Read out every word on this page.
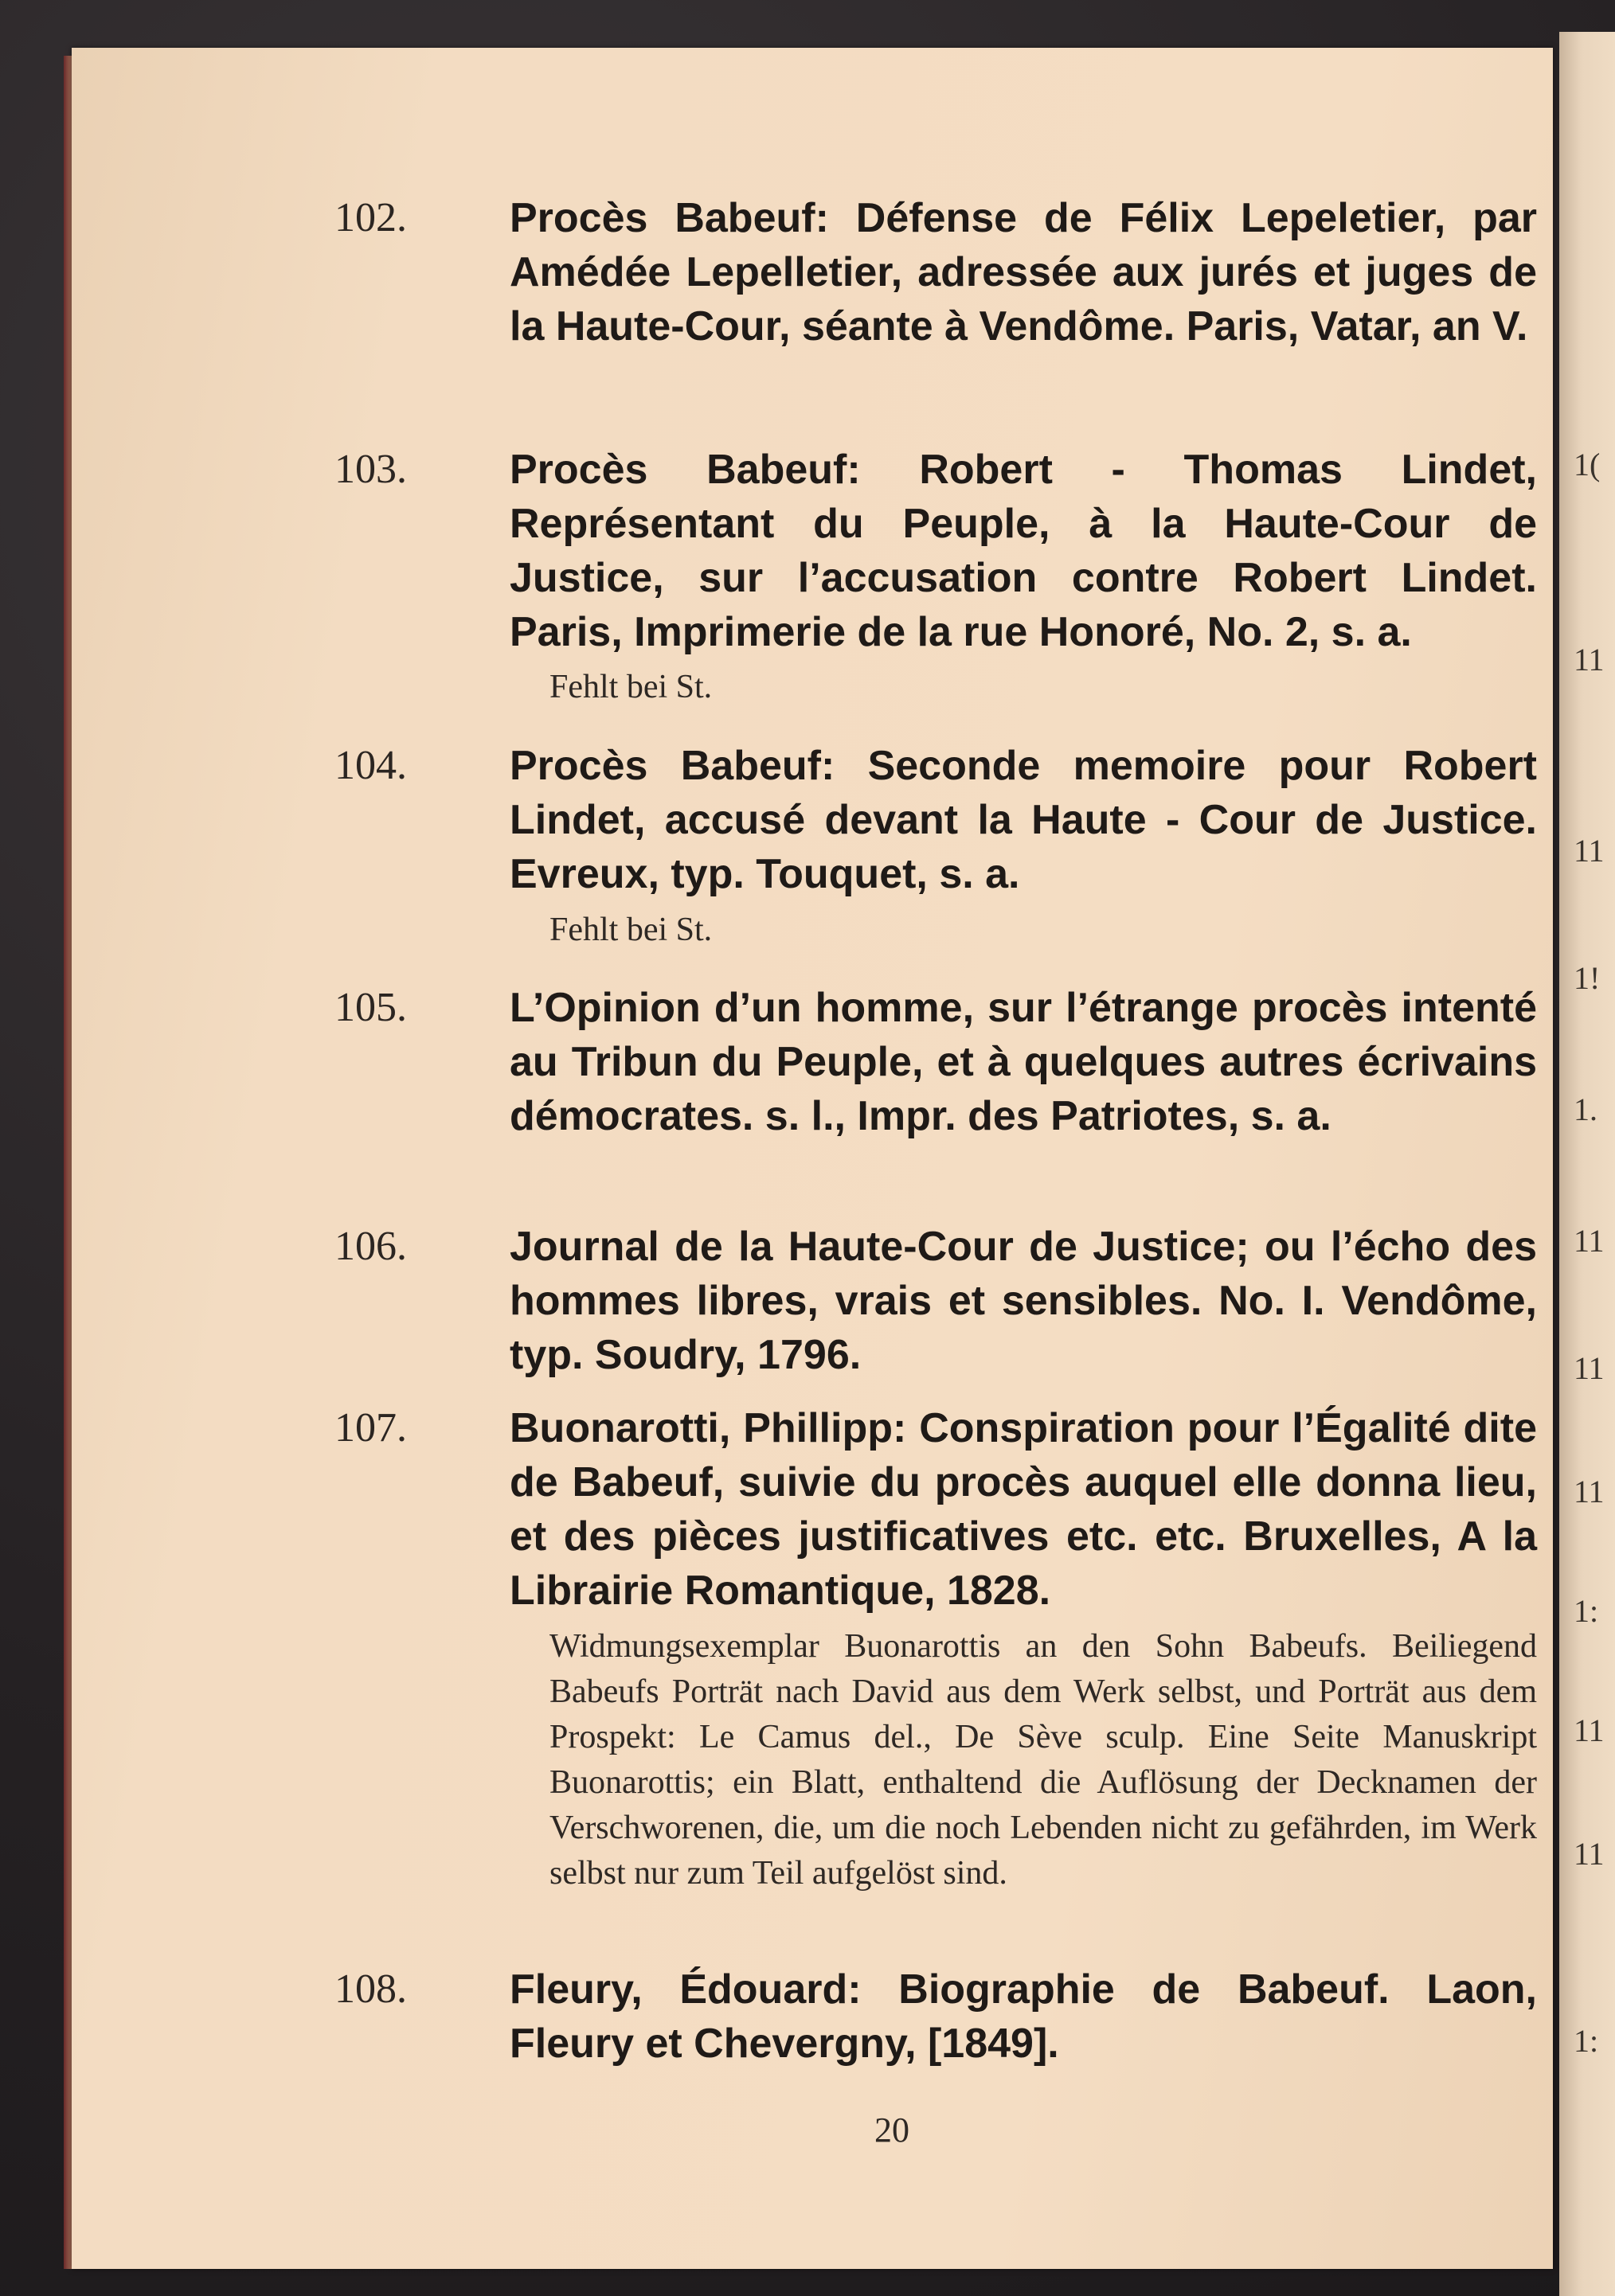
1(
11
11
1!
1.
11
11
11
1:
11
11
1:
102. Procès Babeuf: Défense de Félix Lepeletier, par Amédée Lepelletier, adressée aux jurés et juges de la Haute-Cour, séante à Vendôme. Paris, Vatar, an V.
103. Procès Babeuf: Robert - Thomas Lindet, Représentant du Peuple, à la Haute-Cour de Justice, sur l’accusation contre Robert Lindet. Paris, Imprimerie de la rue Honoré, No. 2, s. a.
Fehlt bei St.
104. Procès Babeuf: Seconde memoire pour Robert Lindet, accusé devant la Haute - Cour de Justice. Evreux, typ. Touquet, s. a.
Fehlt bei St.
105. L’Opinion d’un homme, sur l’étrange procès intenté au Tribun du Peuple, et à quelques autres écrivains démocrates. s. l., Impr. des Patriotes, s. a.
106. Journal de la Haute-Cour de Justice; ou l’écho des hommes libres, vrais et sensibles. No. I. Vendôme, typ. Soudry, 1796.
107. Buonarotti, Phillipp: Conspiration pour l’Égalité dite de Babeuf, suivie du procès auquel elle donna lieu, et des pièces justificatives etc. etc. Bruxelles, A la Librairie Romantique, 1828.
Widmungsexemplar Buonarottis an den Sohn Babeufs. Beiliegend Babeufs Porträt nach David aus dem Werk selbst, und Porträt aus dem Prospekt: Le Camus del., De Sève sculp. Eine Seite Manuskript Buonarottis; ein Blatt, enthaltend die Auflösung der Decknamen der Verschworenen, die, um die noch Lebenden nicht zu gefährden, im Werk selbst nur zum Teil aufgelöst sind.
108. Fleury, Édouard: Biographie de Babeuf. Laon, Fleury et Chevergny, [1849].
20
